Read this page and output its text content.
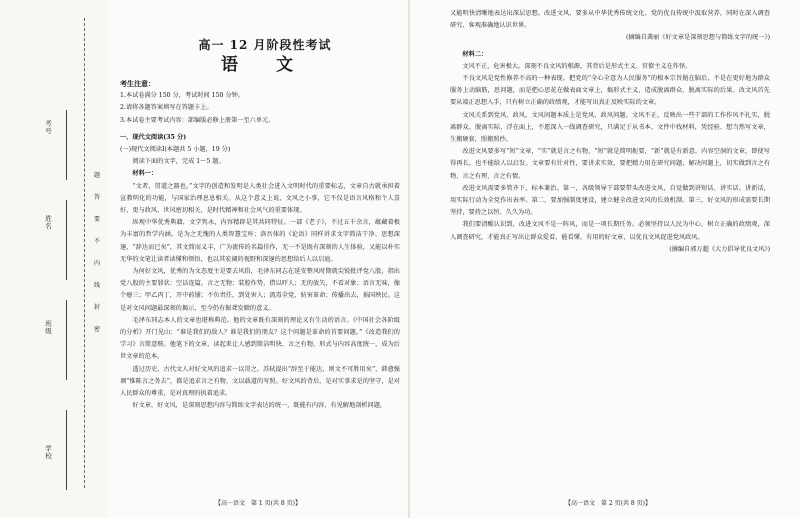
考号
姓名
班级
学校
题
答
要
不
内
线
封
密
高一 12 月阶段性考试
语 文
考生注意：
1.本试卷满分 150 分，考试时间 150 分钟。
2.请将各题答案填写在答题卡上。
3.本试卷主要考试内容：部编版必修上册第一至六单元。
一、现代文阅读(35 分)
(一)现代文阅读Ⅰ(本题共 5 小题，19 分)

阅读下面的文字，完成 1～5 题。

材料一：

“文者，贯道之器也。”文字的创造和发明是人类社会进入文明时代的重要标志，文章自古就承担着宣教明化的功能，与国家治理息息相关。从这个意义上说，文风之小事，它不仅是语言风格和个人喜好，更与政风、世风密切相关，是时代精神和社会风气的重要体现。

纵观中华优秀典籍，文学隽永，内容精辟是其共同特征。一部《老子》，不过五千余言，蕴藏着极为丰富的哲学内涵，是为之无愧的人类智慧宝库；洛吾体的《论语》同样讲求文字简洁干净、思想深邃，“辞达而已矣”，其文简而义丰，广为流传的名篇佳作，无一不是既有深刻的人生体验，又能以朴实无华的文笔让读者读懂和领悟，也以其宏阔的视野和深邃的思想给后人以启迪。

为何好文风，优秀的为文态度主是要去风俗，毛泽东同志在延安整风时期就尖锐批评党八股，指出党八股的主要罪状：空话连篇，言之无物；装腔作势，借以吓人；无的放矢，不看对象；语言无味，像个瘪三；甲乙丙丁，开中药铺；不负责任，到处害人；流毒全党，妨害革命；传播出去，祸国殃民。这是对文风问题最深刻的揭示，至今仍有振聋发聩的意义。

毛泽东同志本人的文章也堪称典范。他的文章既有深刻的理论又有生动的语言。《中国社会各阶级的分析》开门见山：“谁是我们的敌人？谁是我们的朋友？这个问题是革命的首要问题。”《改造我们的学习》言简意赅。他笔下的文章，读起来让人感到简洁明快、言之有物，形式与内容高度统一，成为后世文章的范本。

透过历史，古代文人对好文风的追求一以贯之。苏轼提出“辞至于能达，则文不可胜用矣”，韩愈强调“惟陈言之务去”，都是追求言之有物、文以载道的写照。好文风的背后，是对实事求是的坚守，是对人民群众的尊重，是对真理的执着追求。

好文章，好文风，是深刻思想内容与简练文字表达的统一，既能有内容，有见解地剖析问题，

又能明快清晰地表达出深层思想。改进文风，要多从中华优秀传统文化、党的优良传统中汲取营养，同时在深入调查研究、客观准确地认识世界。
(摘编自龚丽《好文章是深刻思想与简练文字的统一》)

材料二：

文风不正，危害极大。深刻不良文风的根源，其背后是形式主义、官僚主义在作怪。

不良文风是党性修养不高的一种表现。把党的“全心全意为人民服务”的根本宗旨抛在脑后，不是在更好地为群众服务上动脑筋，思问题，而是把心思花在做表面文章上，搞形式主义，造成脱离群众、脱离实际的后果。改文风首先要从端正思想入手，只有树立正确的政绩观，才能写出真正反映实际的文章。

文风关系到党风、政风。文风问题本质上是党风、政风问题。文风不正，反映出一些干部的工作作风不扎实，脱离群众、脱离实际，浮在面上，不愿深入一线调查研究，只满足于从书本、文件中找材料，凭经验、想当然写文章，生搬硬套，照搬照抄。

改进文风要多写“短”文章，“实”就是言之有物，“短”就是简明扼要，“新”就是有新意。内容空洞的文章，即使写得再长，也不能给人以启发。文章要有针对性，要讲求实效，要把精力用在研究问题、解决问题上，切实做到言之有物、言之有理、言之有情。

改进文风需要多管齐下，标本兼治。第一，各级领导干部要带头改进文风，自觉做到讲短话、讲实话、讲新话，用实际行动为全党作出表率。第二，要加强制度建设，建立健全改进文风的长效机制。第三，好文风的形成需要长期坚持，要持之以恒、久久为功。

我们要清醒认识到，改进文风不是一阵风，而是一项长期任务。必须坚持以人民为中心，树立正确的政绩观，深入调查研究，才能真正写出让群众爱看、能看懂、有用的好文章，以优良文风促进党风政风。

(摘编自郭万超《大力倡导优良文风》)
【高一语文　第 1 页(共 8 页)】	【高一语文　第 2 页(共 8 页)】
